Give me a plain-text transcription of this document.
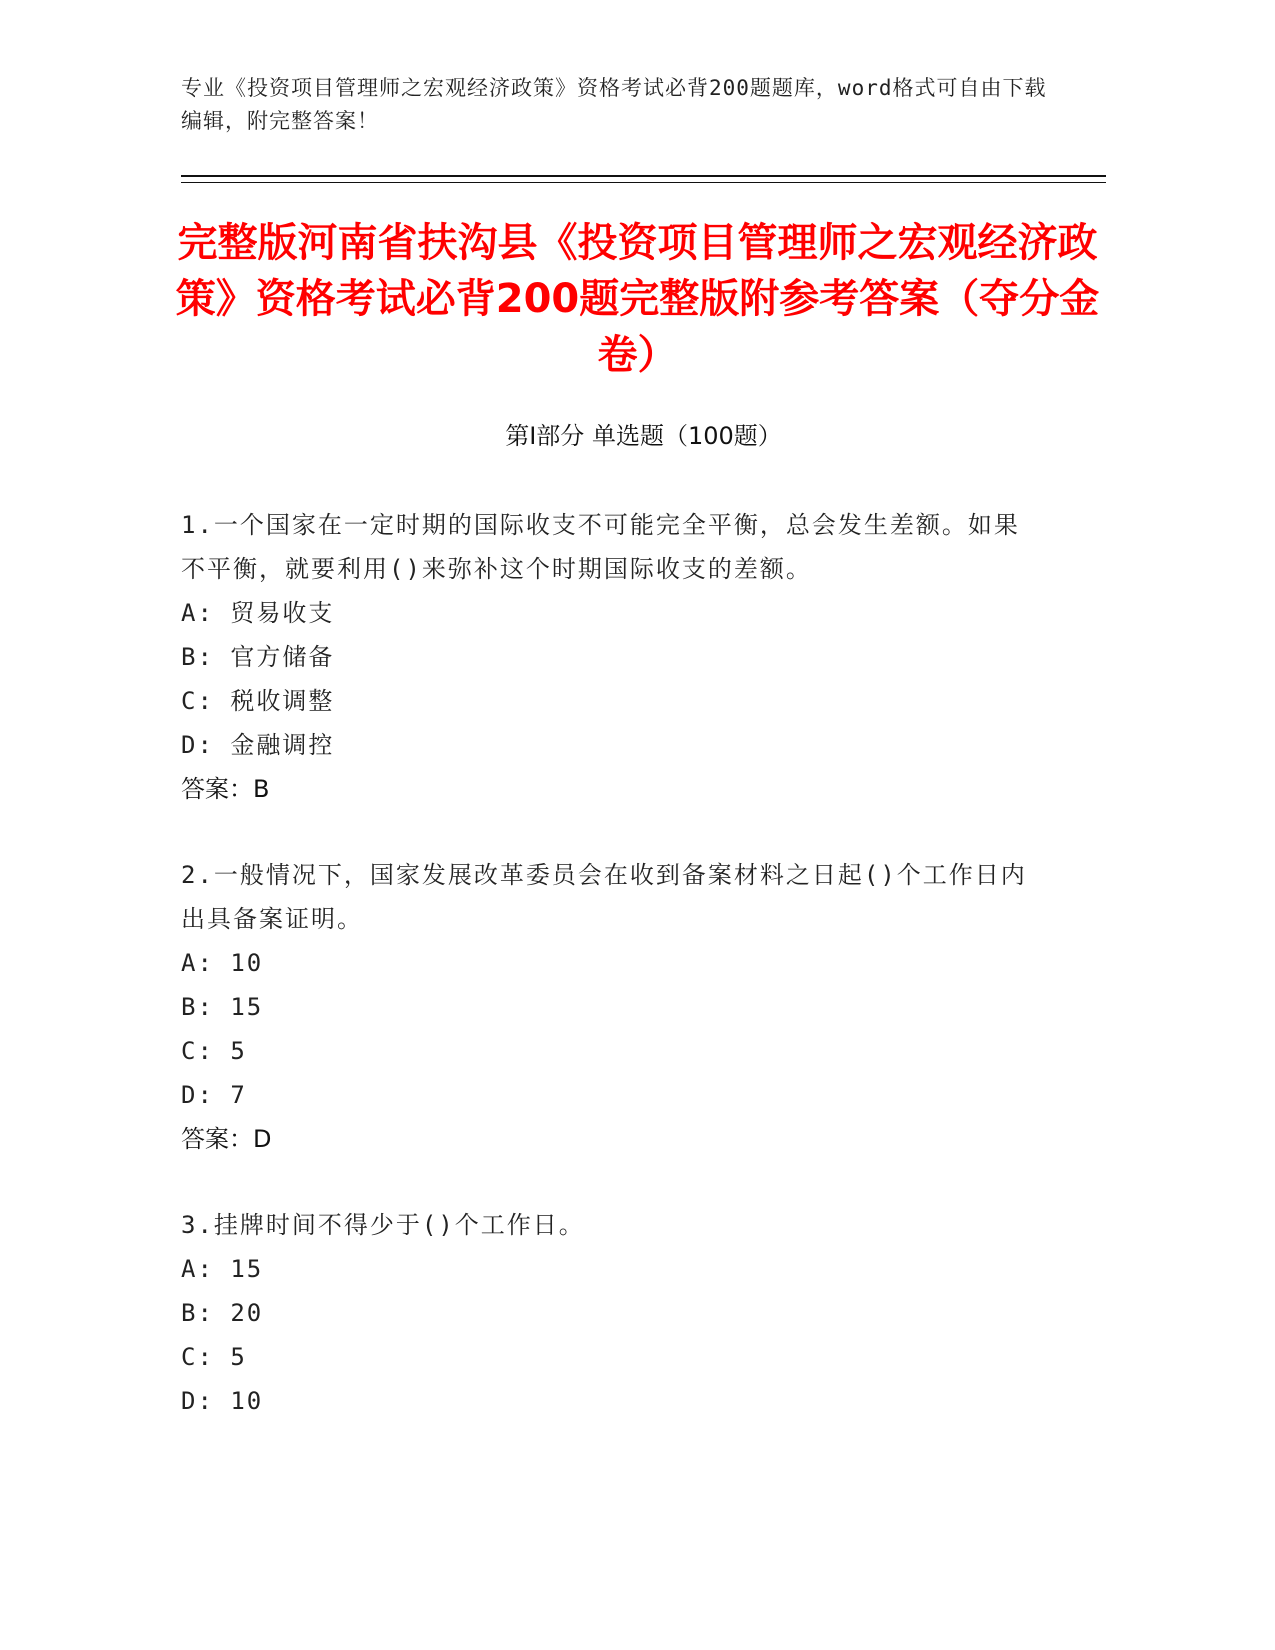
专业《投资项目管理师之宏观经济政策》资格考试必背200题题库，word格式可自由下载编辑，附完整答案！
完整版河南省扶沟县《投资项目管理师之宏观经济政策》资格考试必背200题完整版附参考答案（夺分金卷）
第I部分 单选题（100题）
1.一个国家在一定时期的国际收支不可能完全平衡，总会发生差额。如果不平衡，就要利用()来弥补这个时期国际收支的差额。
A: 贸易收支
B: 官方储备
C: 税收调整
D: 金融调控
答案：B
2.一般情况下，国家发展改革委员会在收到备案材料之日起()个工作日内出具备案证明。
A: 10
B: 15
C: 5
D: 7
答案：D
3.挂牌时间不得少于()个工作日。
A: 15
B: 20
C: 5
D: 10
